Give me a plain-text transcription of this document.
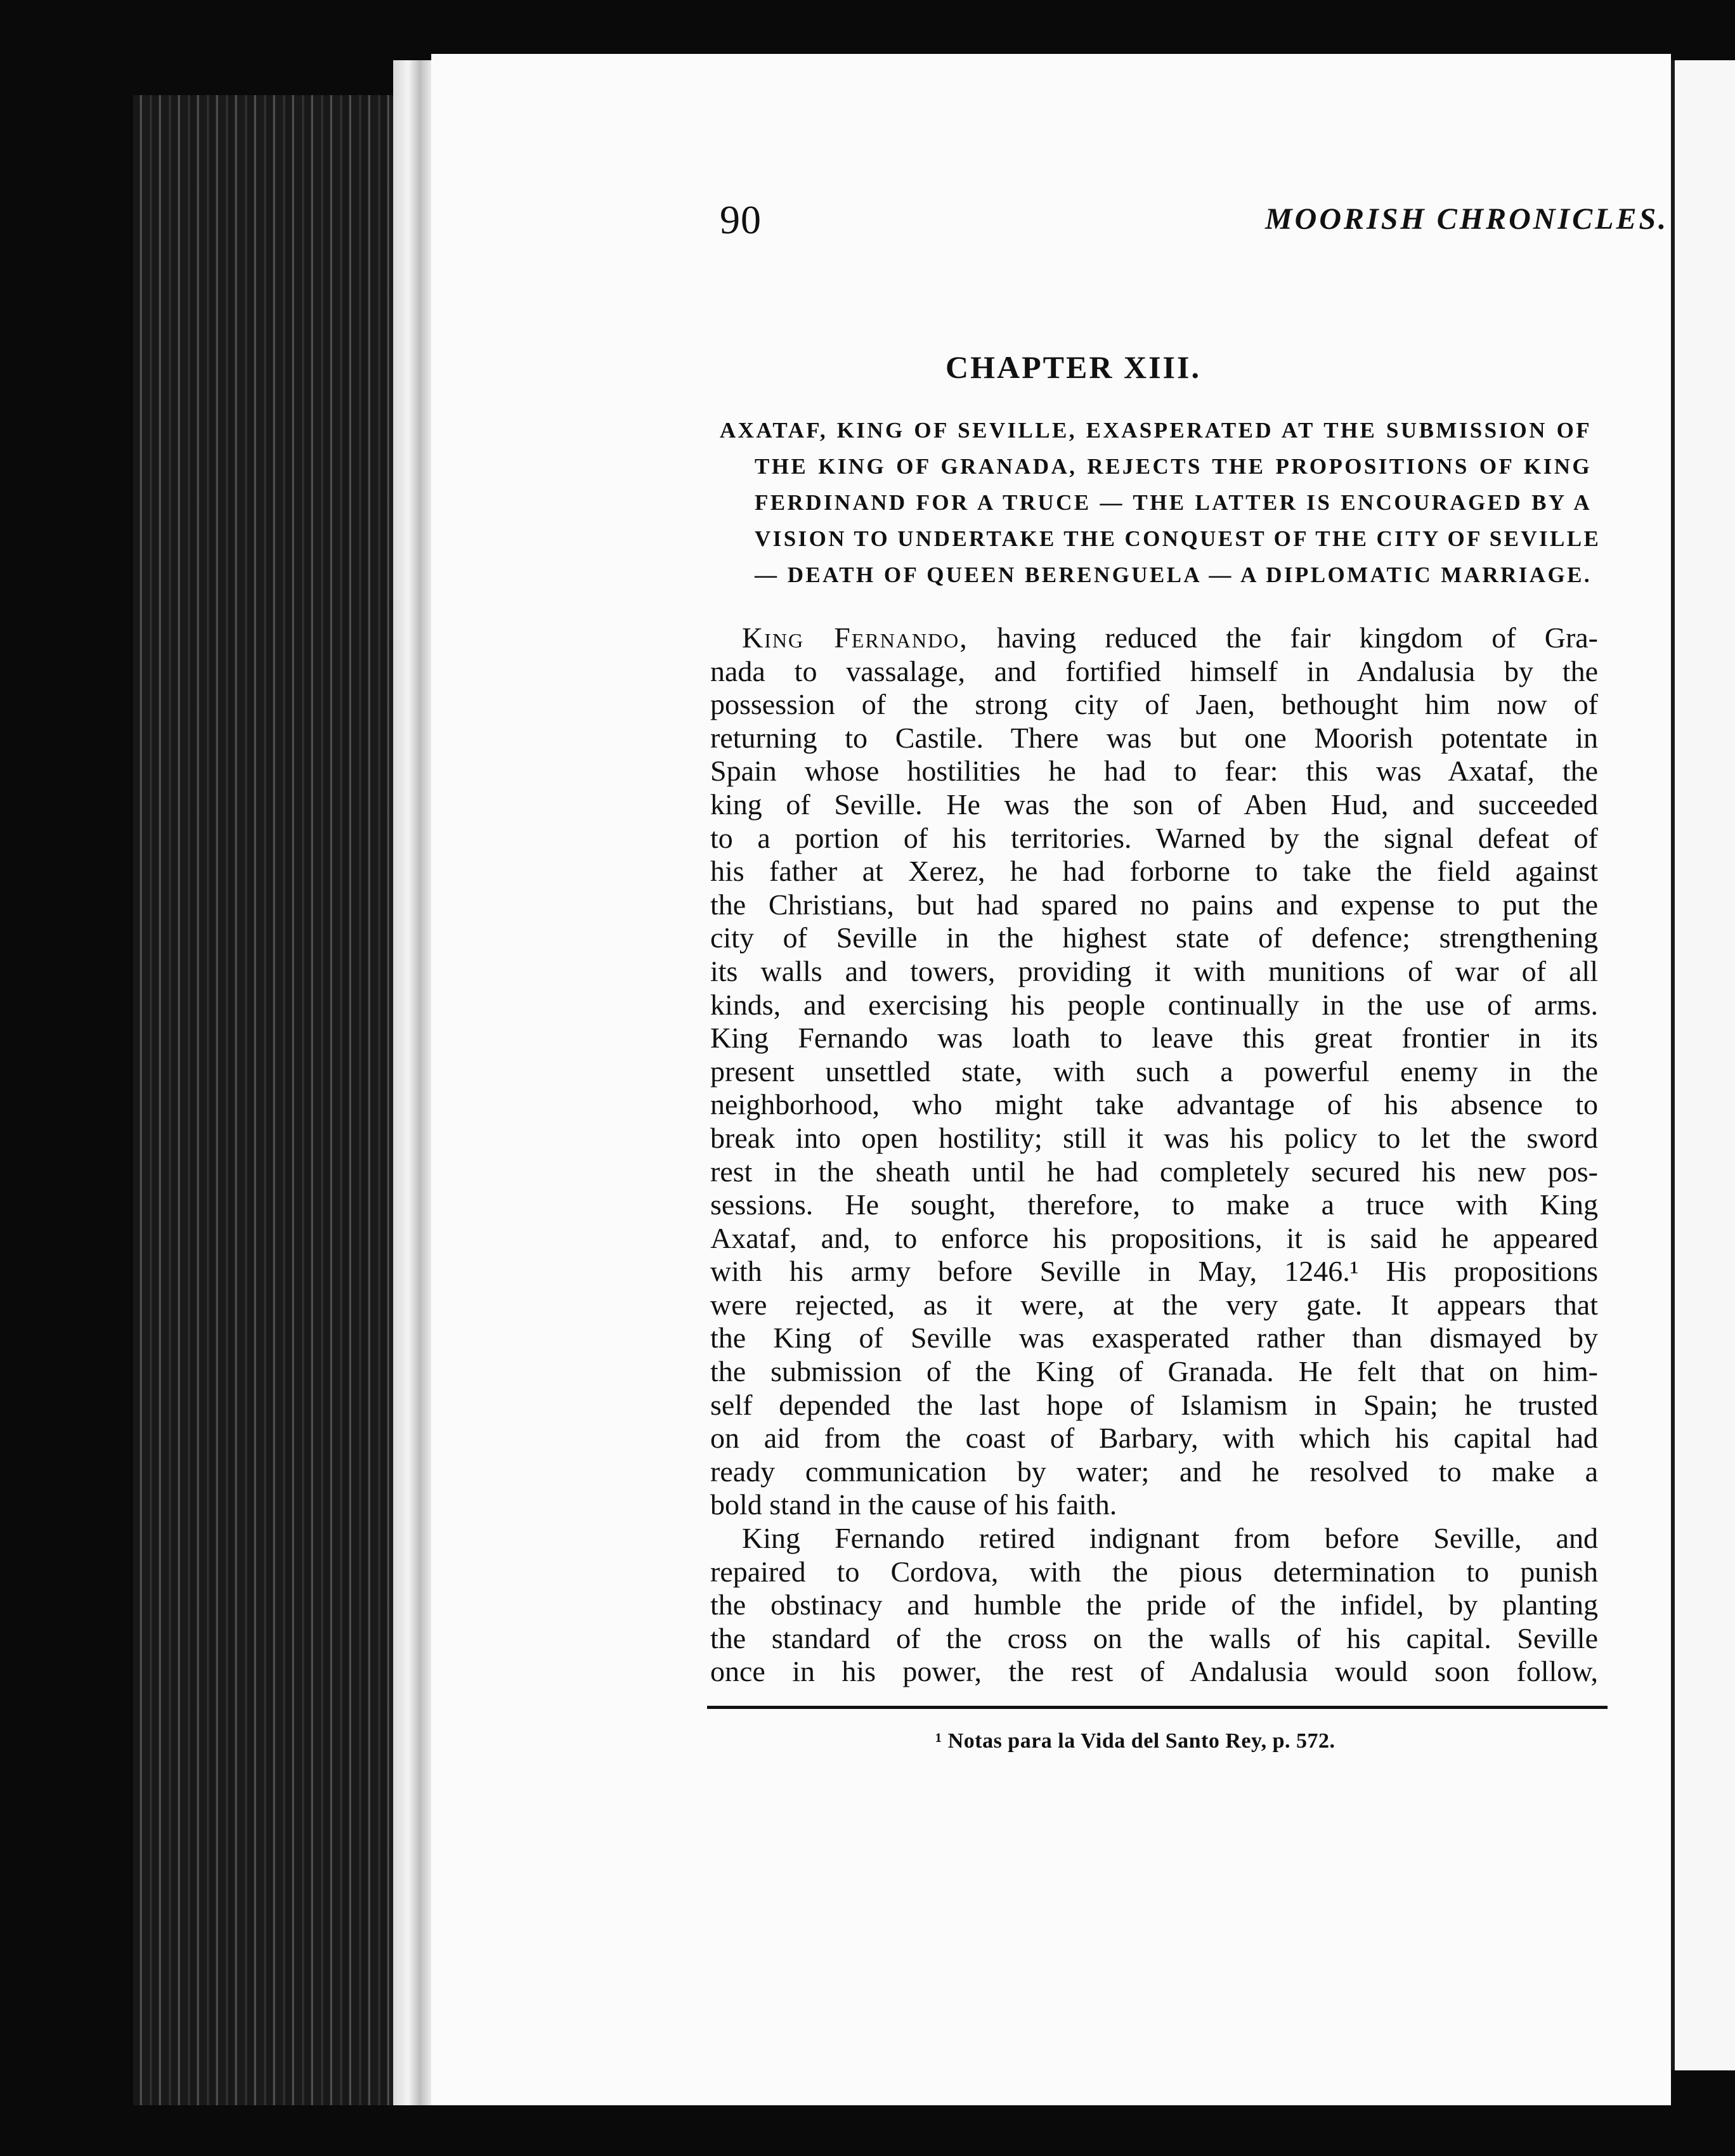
90	MOORISH CHRONICLES.
CHAPTER XIII.
AXATAF, KING OF SEVILLE, EXASPERATED AT THE SUBMISSION OF
THE KING OF GRANADA, REJECTS THE PROPOSITIONS OF KING
FERDINAND FOR A TRUCE — THE LATTER IS ENCOURAGED BY A
VISION TO UNDERTAKE THE CONQUEST OF THE CITY OF SEVILLE
— DEATH OF QUEEN BERENGUELA — A DIPLOMATIC MARRIAGE.
King Fernando, having reduced the fair kingdom of Gra-
nada to vassalage, and fortified himself in Andalusia by the
possession of the strong city of Jaen, bethought him now of
returning to Castile. There was but one Moorish potentate in
Spain whose hostilities he had to fear: this was Axataf, the
king of Seville. He was the son of Aben Hud, and succeeded
to a portion of his territories. Warned by the signal defeat of
his father at Xerez, he had forborne to take the field against
the Christians, but had spared no pains and expense to put the
city of Seville in the highest state of defence; strengthening
its walls and towers, providing it with munitions of war of all
kinds, and exercising his people continually in the use of arms.
King Fernando was loath to leave this great frontier in its
present unsettled state, with such a powerful enemy in the
neighborhood, who might take advantage of his absence to
break into open hostility; still it was his policy to let the sword
rest in the sheath until he had completely secured his new pos-
sessions. He sought, therefore, to make a truce with King
Axataf, and, to enforce his propositions, it is said he appeared
with his army before Seville in May, 1246.¹ His propositions
were rejected, as it were, at the very gate. It appears that
the King of Seville was exasperated rather than dismayed by
the submission of the King of Granada. He felt that on him-
self depended the last hope of Islamism in Spain; he trusted
on aid from the coast of Barbary, with which his capital had
ready communication by water; and he resolved to make a
bold stand in the cause of his faith.
King Fernando retired indignant from before Seville, and
repaired to Cordova, with the pious determination to punish
the obstinacy and humble the pride of the infidel, by planting
the standard of the cross on the walls of his capital. Seville
once in his power, the rest of Andalusia would soon follow,
¹ Notas para la Vida del Santo Rey, p. 572.
